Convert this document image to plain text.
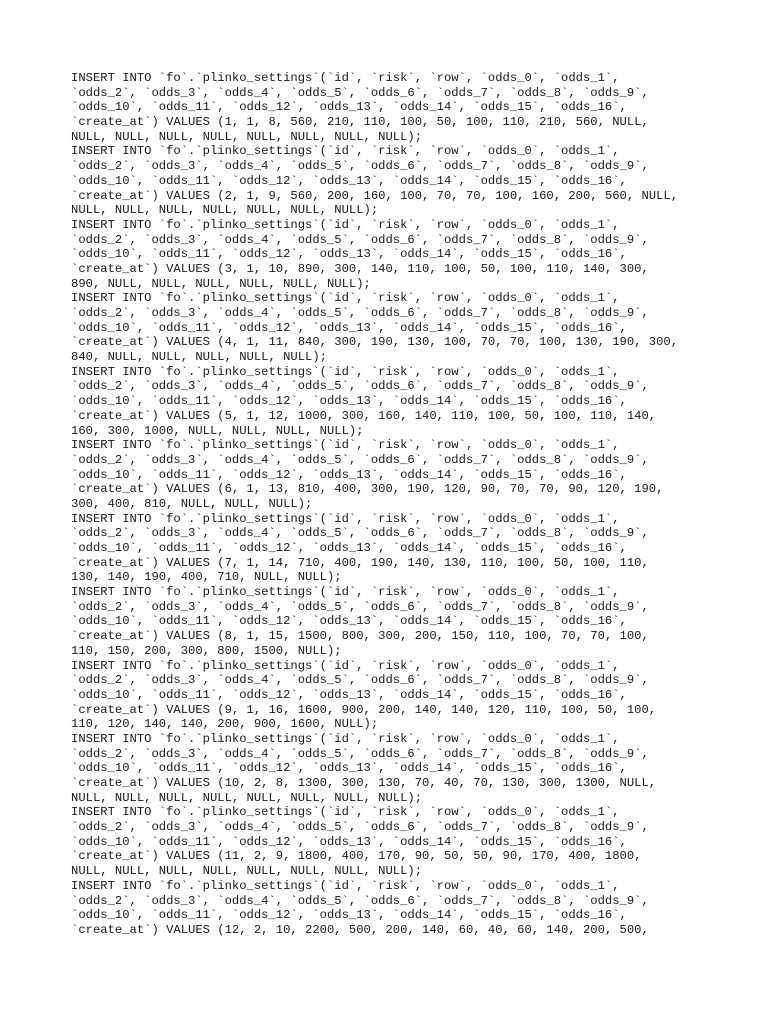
INSERT INTO `fo`.`plinko_settings`(`id`, `risk`, `row`, `odds_0`, `odds_1`,
`odds_2`, `odds_3`, `odds_4`, `odds_5`, `odds_6`, `odds_7`, `odds_8`, `odds_9`,
`odds_10`, `odds_11`, `odds_12`, `odds_13`, `odds_14`, `odds_15`, `odds_16`,
`create_at`) VALUES (1, 1, 8, 560, 210, 110, 100, 50, 100, 110, 210, 560, NULL,
NULL, NULL, NULL, NULL, NULL, NULL, NULL, NULL);
INSERT INTO `fo`.`plinko_settings`(`id`, `risk`, `row`, `odds_0`, `odds_1`,
`odds_2`, `odds_3`, `odds_4`, `odds_5`, `odds_6`, `odds_7`, `odds_8`, `odds_9`,
`odds_10`, `odds_11`, `odds_12`, `odds_13`, `odds_14`, `odds_15`, `odds_16`,
`create_at`) VALUES (2, 1, 9, 560, 200, 160, 100, 70, 70, 100, 160, 200, 560, NULL,
NULL, NULL, NULL, NULL, NULL, NULL, NULL);
INSERT INTO `fo`.`plinko_settings`(`id`, `risk`, `row`, `odds_0`, `odds_1`,
`odds_2`, `odds_3`, `odds_4`, `odds_5`, `odds_6`, `odds_7`, `odds_8`, `odds_9`,
`odds_10`, `odds_11`, `odds_12`, `odds_13`, `odds_14`, `odds_15`, `odds_16`,
`create_at`) VALUES (3, 1, 10, 890, 300, 140, 110, 100, 50, 100, 110, 140, 300,
890, NULL, NULL, NULL, NULL, NULL, NULL);
INSERT INTO `fo`.`plinko_settings`(`id`, `risk`, `row`, `odds_0`, `odds_1`,
`odds_2`, `odds_3`, `odds_4`, `odds_5`, `odds_6`, `odds_7`, `odds_8`, `odds_9`,
`odds_10`, `odds_11`, `odds_12`, `odds_13`, `odds_14`, `odds_15`, `odds_16`,
`create_at`) VALUES (4, 1, 11, 840, 300, 190, 130, 100, 70, 70, 100, 130, 190, 300,
840, NULL, NULL, NULL, NULL, NULL);
INSERT INTO `fo`.`plinko_settings`(`id`, `risk`, `row`, `odds_0`, `odds_1`,
`odds_2`, `odds_3`, `odds_4`, `odds_5`, `odds_6`, `odds_7`, `odds_8`, `odds_9`,
`odds_10`, `odds_11`, `odds_12`, `odds_13`, `odds_14`, `odds_15`, `odds_16`,
`create_at`) VALUES (5, 1, 12, 1000, 300, 160, 140, 110, 100, 50, 100, 110, 140,
160, 300, 1000, NULL, NULL, NULL, NULL);
INSERT INTO `fo`.`plinko_settings`(`id`, `risk`, `row`, `odds_0`, `odds_1`,
`odds_2`, `odds_3`, `odds_4`, `odds_5`, `odds_6`, `odds_7`, `odds_8`, `odds_9`,
`odds_10`, `odds_11`, `odds_12`, `odds_13`, `odds_14`, `odds_15`, `odds_16`,
`create_at`) VALUES (6, 1, 13, 810, 400, 300, 190, 120, 90, 70, 70, 90, 120, 190,
300, 400, 810, NULL, NULL, NULL);
INSERT INTO `fo`.`plinko_settings`(`id`, `risk`, `row`, `odds_0`, `odds_1`,
`odds_2`, `odds_3`, `odds_4`, `odds_5`, `odds_6`, `odds_7`, `odds_8`, `odds_9`,
`odds_10`, `odds_11`, `odds_12`, `odds_13`, `odds_14`, `odds_15`, `odds_16`,
`create_at`) VALUES (7, 1, 14, 710, 400, 190, 140, 130, 110, 100, 50, 100, 110,
130, 140, 190, 400, 710, NULL, NULL);
INSERT INTO `fo`.`plinko_settings`(`id`, `risk`, `row`, `odds_0`, `odds_1`,
`odds_2`, `odds_3`, `odds_4`, `odds_5`, `odds_6`, `odds_7`, `odds_8`, `odds_9`,
`odds_10`, `odds_11`, `odds_12`, `odds_13`, `odds_14`, `odds_15`, `odds_16`,
`create_at`) VALUES (8, 1, 15, 1500, 800, 300, 200, 150, 110, 100, 70, 70, 100,
110, 150, 200, 300, 800, 1500, NULL);
INSERT INTO `fo`.`plinko_settings`(`id`, `risk`, `row`, `odds_0`, `odds_1`,
`odds_2`, `odds_3`, `odds_4`, `odds_5`, `odds_6`, `odds_7`, `odds_8`, `odds_9`,
`odds_10`, `odds_11`, `odds_12`, `odds_13`, `odds_14`, `odds_15`, `odds_16`,
`create_at`) VALUES (9, 1, 16, 1600, 900, 200, 140, 140, 120, 110, 100, 50, 100,
110, 120, 140, 140, 200, 900, 1600, NULL);
INSERT INTO `fo`.`plinko_settings`(`id`, `risk`, `row`, `odds_0`, `odds_1`,
`odds_2`, `odds_3`, `odds_4`, `odds_5`, `odds_6`, `odds_7`, `odds_8`, `odds_9`,
`odds_10`, `odds_11`, `odds_12`, `odds_13`, `odds_14`, `odds_15`, `odds_16`,
`create_at`) VALUES (10, 2, 8, 1300, 300, 130, 70, 40, 70, 130, 300, 1300, NULL,
NULL, NULL, NULL, NULL, NULL, NULL, NULL, NULL);
INSERT INTO `fo`.`plinko_settings`(`id`, `risk`, `row`, `odds_0`, `odds_1`,
`odds_2`, `odds_3`, `odds_4`, `odds_5`, `odds_6`, `odds_7`, `odds_8`, `odds_9`,
`odds_10`, `odds_11`, `odds_12`, `odds_13`, `odds_14`, `odds_15`, `odds_16`,
`create_at`) VALUES (11, 2, 9, 1800, 400, 170, 90, 50, 50, 90, 170, 400, 1800,
NULL, NULL, NULL, NULL, NULL, NULL, NULL, NULL);
INSERT INTO `fo`.`plinko_settings`(`id`, `risk`, `row`, `odds_0`, `odds_1`,
`odds_2`, `odds_3`, `odds_4`, `odds_5`, `odds_6`, `odds_7`, `odds_8`, `odds_9`,
`odds_10`, `odds_11`, `odds_12`, `odds_13`, `odds_14`, `odds_15`, `odds_16`,
`create_at`) VALUES (12, 2, 10, 2200, 500, 200, 140, 60, 40, 60, 140, 200, 500,
